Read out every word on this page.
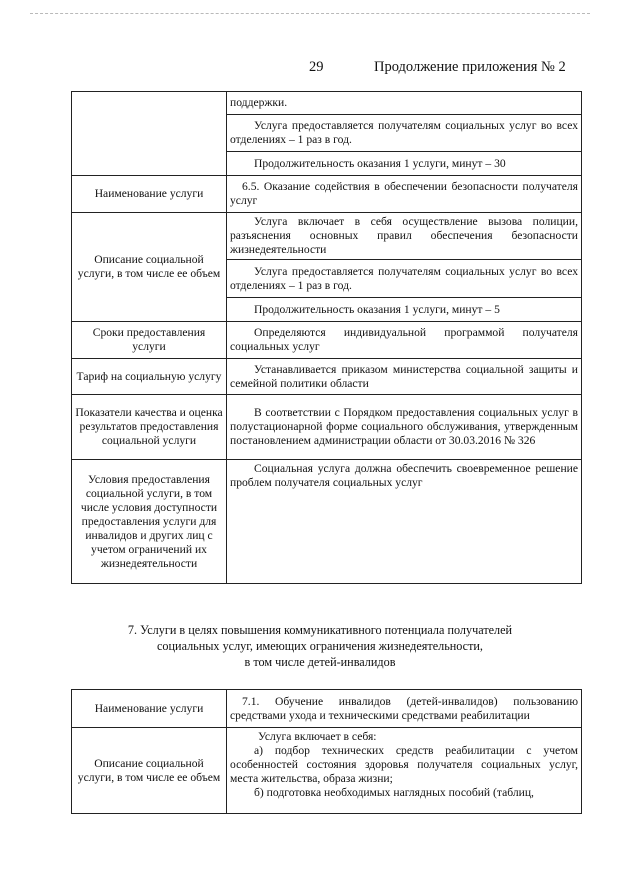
29	Продолжение приложения № 2
	поддержки.
	Услуга предоставляется получателям социальных услуг во всех отделениях – 1 раз в год.
	Продолжительность оказания 1 услуги, минут – 30
Наименование услуги	6.5. Оказание содействия в обеспечении безопасности получателя услуг
Описание социальной услуги, в том числе ее объем	Услуга включает в себя осуществление вызова полиции, разъяснения основных правил обеспечения безопасности жизнедеятельности
	Услуга предоставляется получателям социальных услуг во всех отделениях – 1 раз в год.
	Продолжительность оказания 1 услуги, минут – 5
Сроки предоставления услуги	Определяются индивидуальной программой получателя социальных услуг
Тариф на социальную услугу	Устанавливается приказом министерства социальной защиты и семейной политики области
Показатели качества и оценка результатов предоставления социальной услуги	В соответствии с Порядком предоставления социальных услуг в полустационарной форме социального обслуживания, утвержденным постановлением администрации области от 30.03.2016 № 326
Условия предоставления социальной услуги, в том числе условия доступности предоставления услуги для инвалидов и других лиц с учетом ограничений их жизнедеятельности	Социальная услуга должна обеспечить своевременное решение проблем получателя социальных услуг

7. Услуги в целях повышения коммуникативного потенциала получателей

социальных услуг, имеющих ограничения жизнедеятельности,

в том числе детей-инвалидов

Наименование услуги	7.1. Обучение инвалидов (детей-инвалидов) пользованию средствами ухода и техническими средствами реабилитации
Описание социальной услуги, в том числе ее объем	Услуга включает в себя:
а) подбор технических средств реабилитации с учетом особенностей состояния здоровья получателя социальных услуг, места жительства, образа жизни;
б) подготовка необходимых наглядных пособий (таблиц,
